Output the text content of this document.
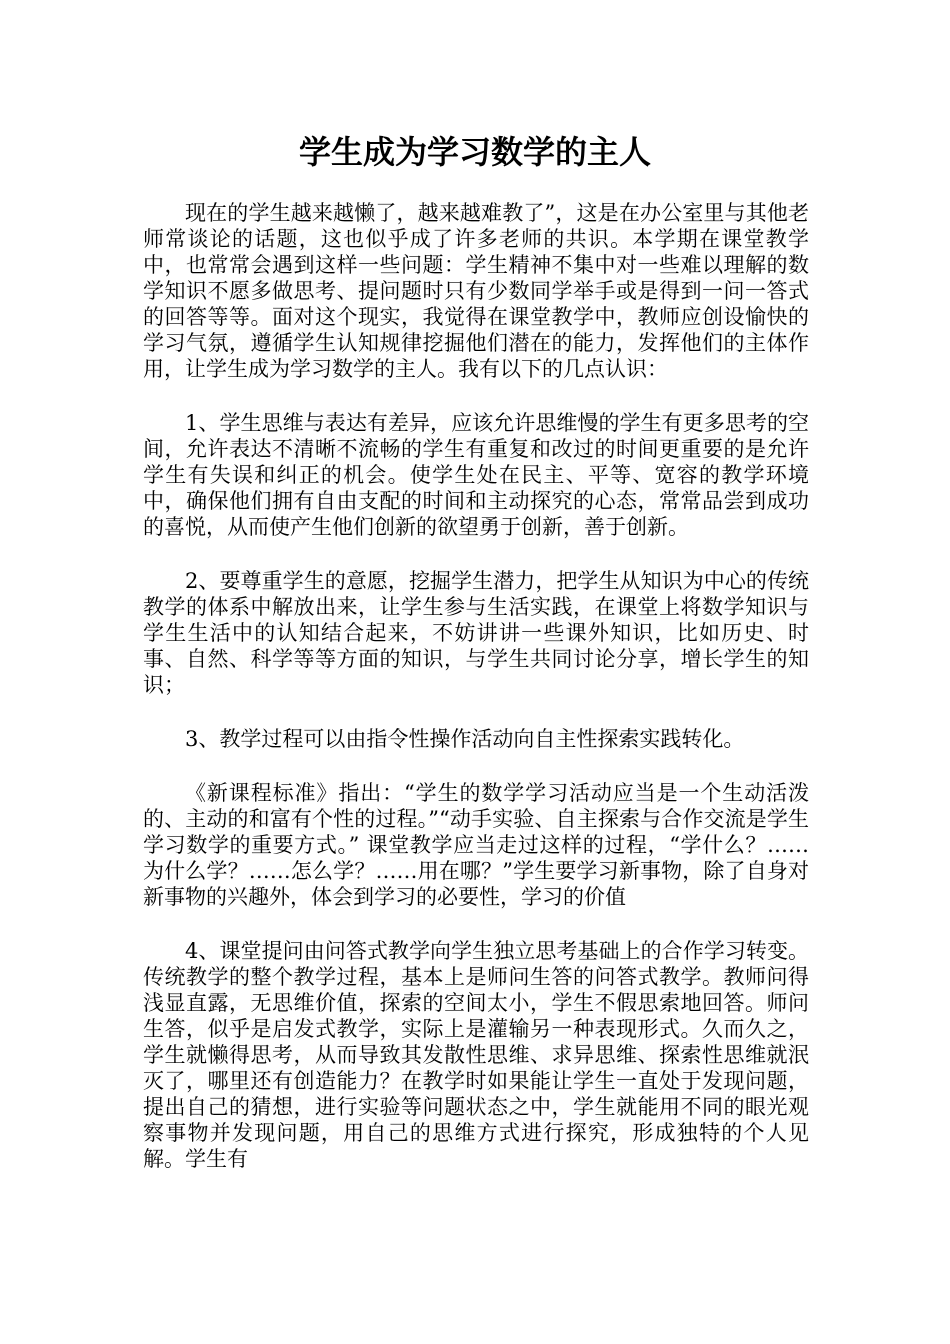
学生成为学习数学的主人

现在的学生越来越懒了，越来越难教了”，这是在办公室里与其他老师常谈论的话题，这也似乎成了许多老师的共识。本学期在课堂教学中，也常常会遇到这样一些问题：学生精神不集中对一些难以理解的数学知识不愿多做思考、提问题时只有少数同学举手或是得到一问一答式的回答等等。面对这个现实，我觉得在课堂教学中，教师应创设愉快的学习气氛，遵循学生认知规律挖掘他们潜在的能力，发挥他们的主体作用，让学生成为学习数学的主人。我有以下的几点认识：

1、学生思维与表达有差异，应该允许思维慢的学生有更多思考的空间，允许表达不清晰不流畅的学生有重复和改过的时间更重要的是允许学生有失误和纠正的机会。使学生处在民主、平等、宽容的教学环境中，确保他们拥有自由支配的时间和主动探究的心态，常常品尝到成功的喜悦，从而使产生他们创新的欲望勇于创新，善于创新。

2、要尊重学生的意愿，挖掘学生潜力，把学生从知识为中心的传统教学的体系中解放出来，让学生参与生活实践，在课堂上将数学知识与学生生活中的认知结合起来，不妨讲讲一些课外知识，比如历史、时事、自然、科学等等方面的知识，与学生共同讨论分享，增长学生的知识；

3、教学过程可以由指令性操作活动向自主性探索实践转化。

《新课程标准》指出：“学生的数学学习活动应当是一个生动活泼的、主动的和富有个性的过程。”“动手实验、自主探索与合作交流是学生学习数学的重要方式。” 课堂教学应当走过这样的过程，“学什么？……为什么学？……怎么学？……用在哪？”学生要学习新事物，除了自身对新事物的兴趣外，体会到学习的必要性，学习的价值

4、课堂提问由问答式教学向学生独立思考基础上的合作学习转变。传统教学的整个教学过程，基本上是师问生答的问答式教学。教师问得浅显直露，无思维价值，探索的空间太小，学生不假思索地回答。师问生答，似乎是启发式教学，实际上是灌输另一种表现形式。久而久之，学生就懒得思考，从而导致其发散性思维、求异思维、探索性思维就泯灭了，哪里还有创造能力？在教学时如果能让学生一直处于发现问题，提出自己的猜想，进行实验等问题状态之中，学生就能用不同的眼光观察事物并发现问题，用自己的思维方式进行探究，形成独特的个人见解。学生有
